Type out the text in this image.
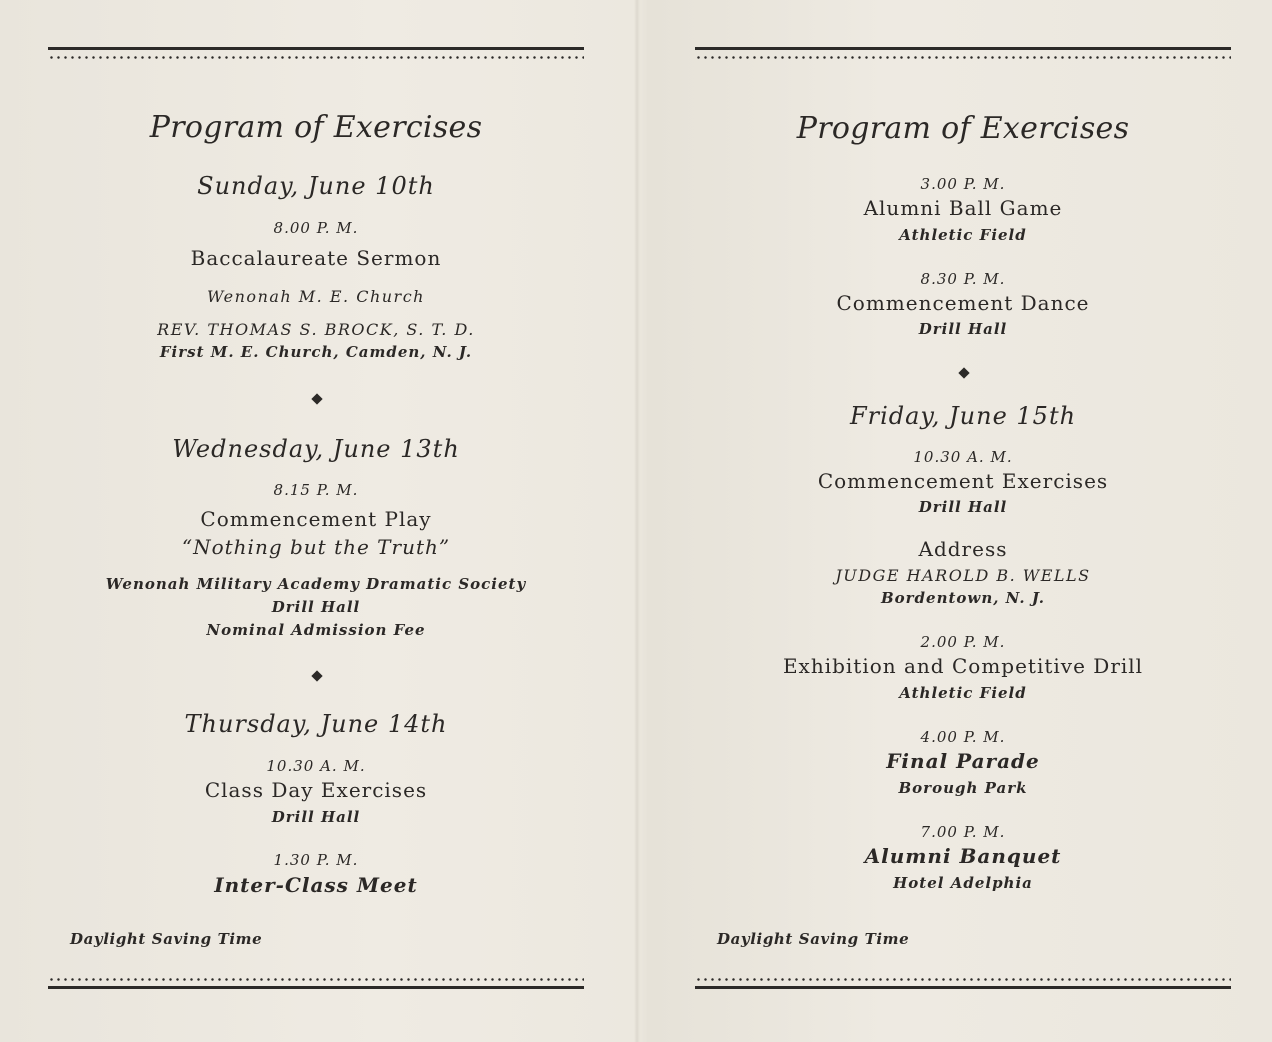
Program of Exercises
Sunday, June 10th
8.00 P. M.
Baccalaureate Sermon
Wenonah M. E. Church
REV. THOMAS S. BROCK, S. T. D.
First M. E. Church, Camden, N. J.
Wednesday, June 13th
8.15 P. M.
Commencement Play
“Nothing but the Truth”
Wenonah Military Academy Dramatic Society
Drill Hall
Nominal Admission Fee
Thursday, June 14th
10.30 A. M.
Class Day Exercises
Drill Hall
1.30 P. M.
Inter-Class Meet
Daylight Saving Time
Program of Exercises
3.00 P. M.
Alumni Ball Game
Athletic Field
8.30 P. M.
Commencement Dance
Drill Hall
Friday, June 15th
10.30 A. M.
Commencement Exercises
Drill Hall
Address
JUDGE HAROLD B. WELLS
Bordentown, N. J.
2.00 P. M.
Exhibition and Competitive Drill
Athletic Field
4.00 P. M.
Final Parade
Borough Park
7.00 P. M.
Alumni Banquet
Hotel Adelphia
Daylight Saving Time
